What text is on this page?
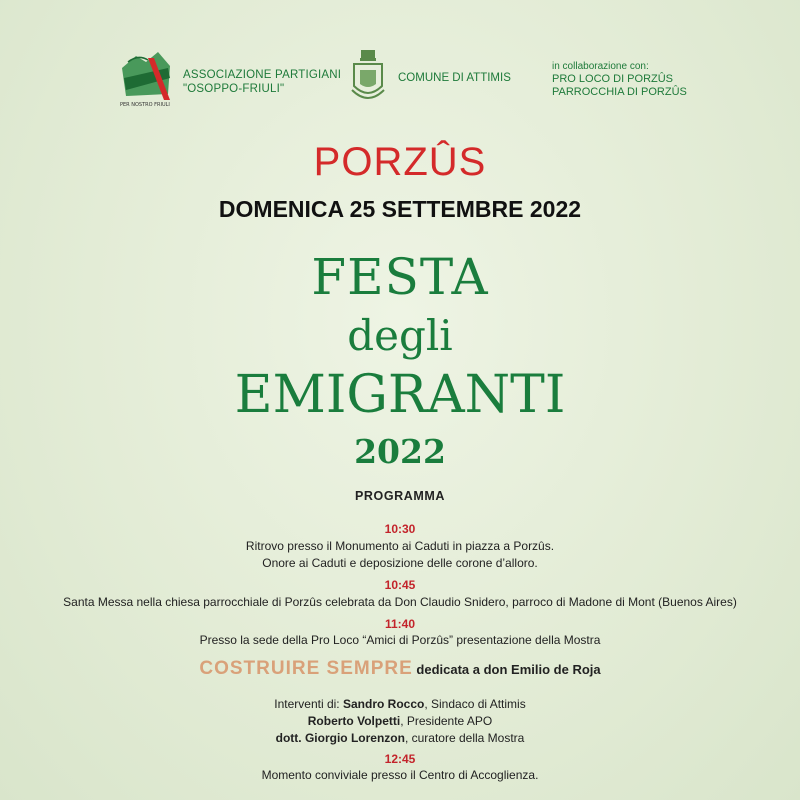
PER NOSTRO FRIULI
ASSOCIAZIONE PARTIGIANI
"OSOPPO-FRIULI"
COMUNE DI ATTIMIS
in collaborazione con:
PRO LOCO DI PORZÛS
PARROCCHIA DI PORZÛS
PORZÛS
DOMENICA 25 SETTEMBRE 2022
FESTA
degli
EMIGRANTI
2022
PROGRAMMA
10:30
Ritrovo presso il Monumento ai Caduti in piazza a Porzûs.
Onore ai Caduti e deposizione delle corone d’alloro.
10:45
Santa Messa nella chiesa parrocchiale di Porzûs celebrata da Don Claudio Snidero, parroco di Madone di Mont (Buenos Aires)
11:40
Presso la sede della Pro Loco “Amici di Porzûs” presentazione della Mostra
COSTRUIRE SEMPRE dedicata a don Emilio de Roja
Interventi di: Sandro Rocco, Sindaco di Attimis
Roberto Volpetti, Presidente APO
dott. Giorgio Lorenzon, curatore della Mostra
12:45
Momento conviviale presso il Centro di Accoglienza.
